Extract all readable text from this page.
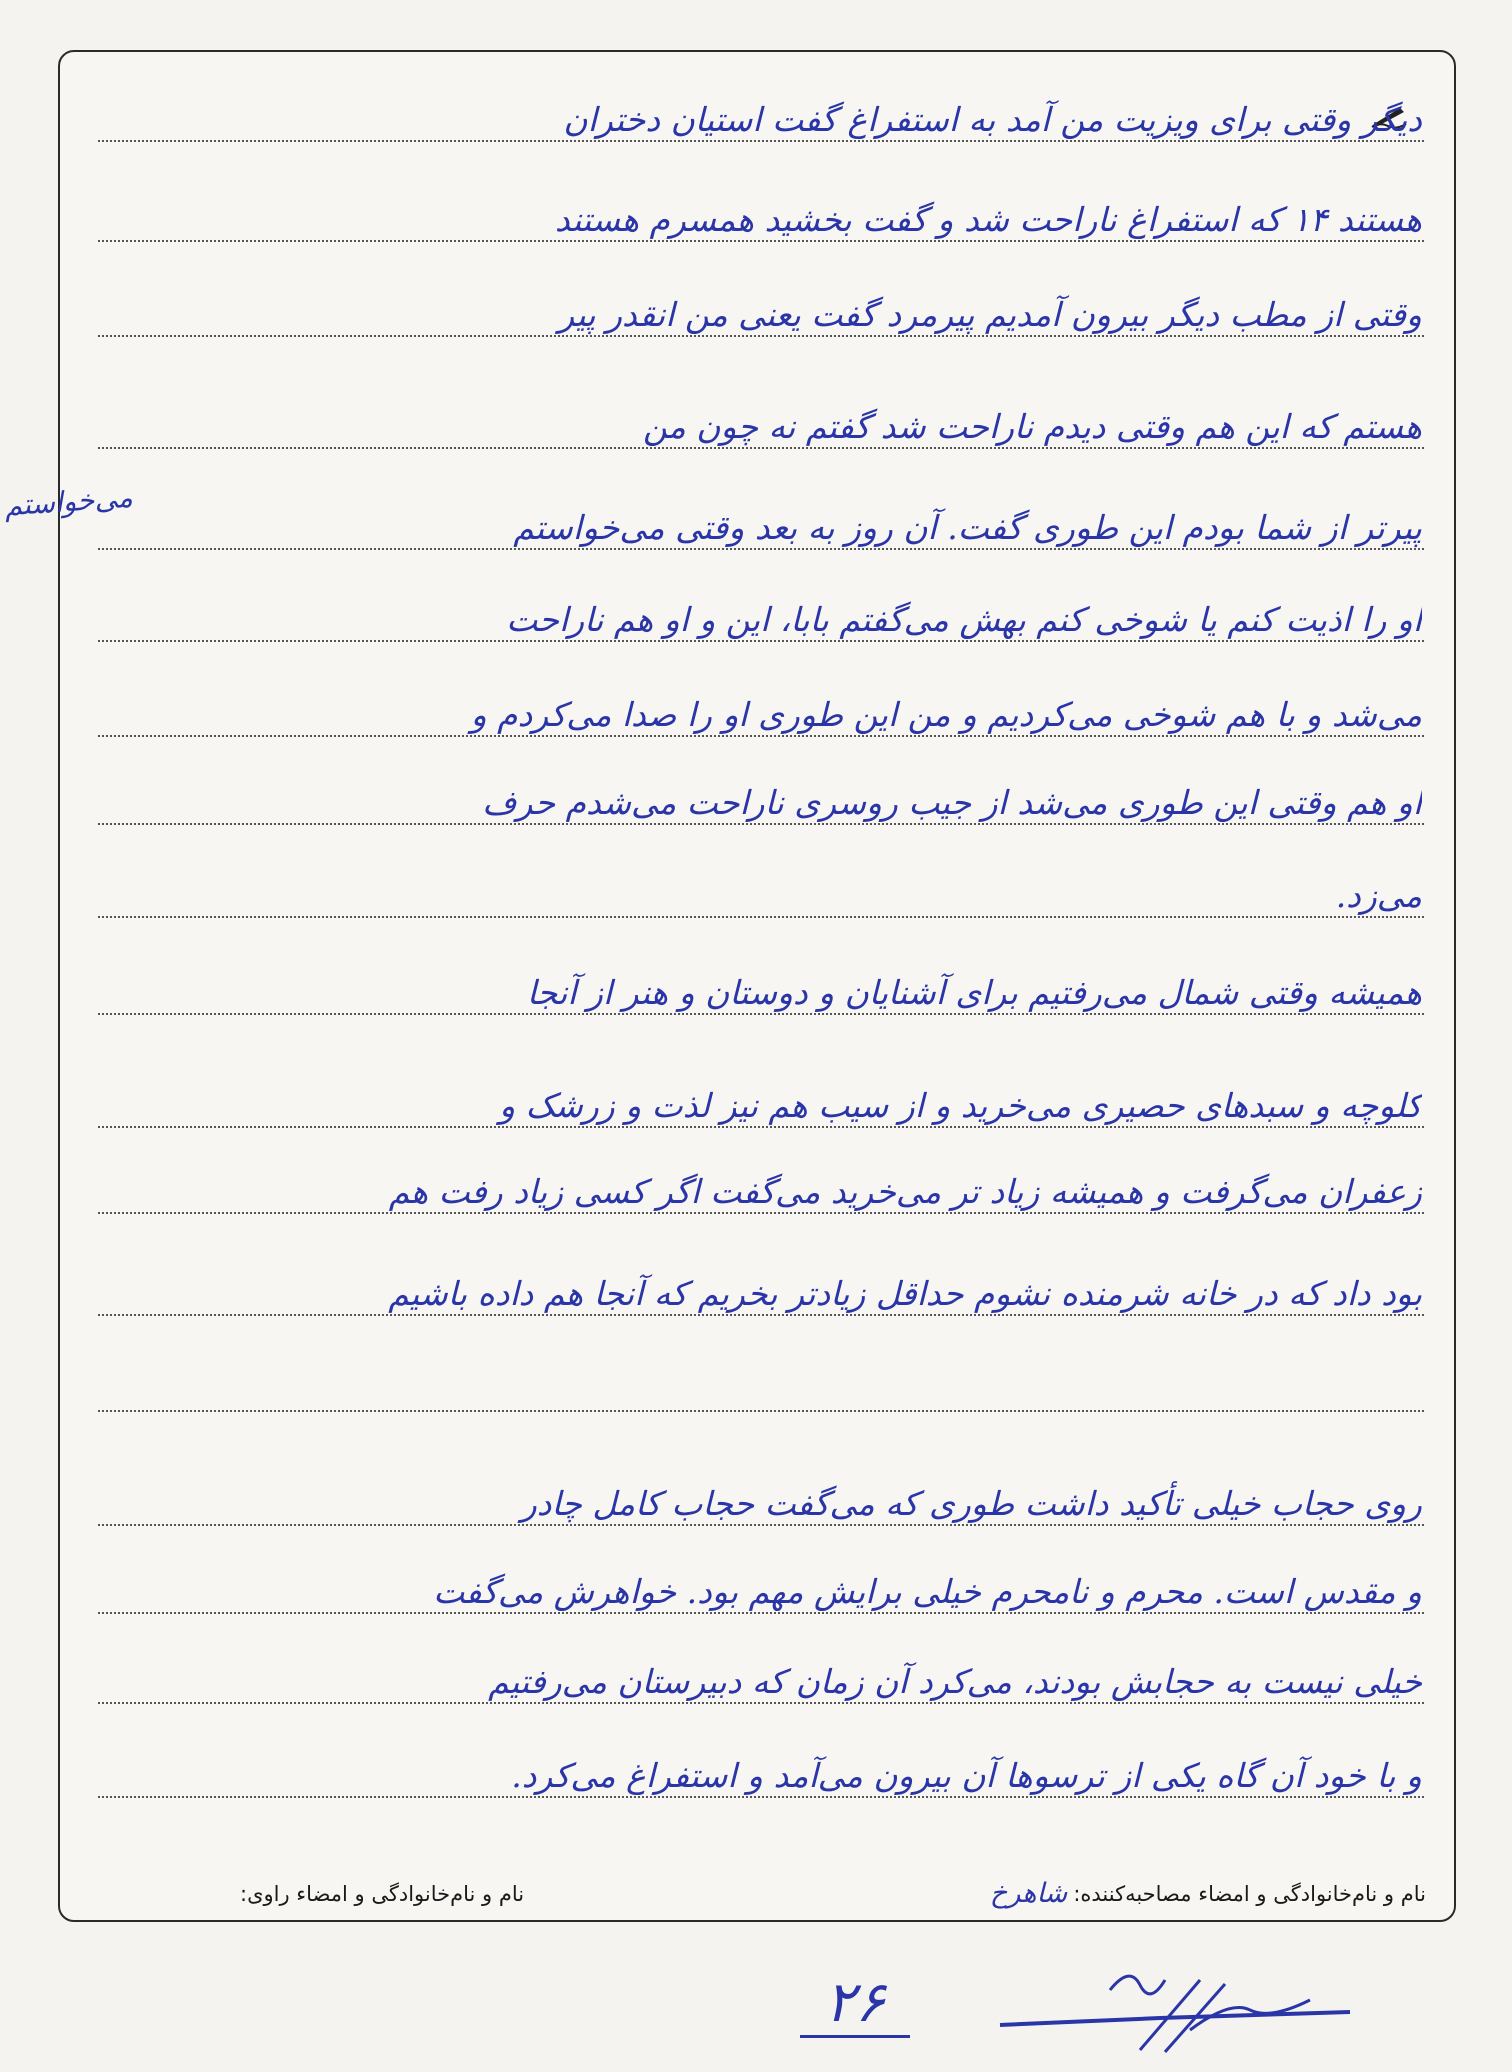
دیگر وقتی برای ویزیت من آمد به استفراغ گفت استیان دختران
هستند ۱۴ که استفراغ ناراحت شد و گفت بخشید همسرم هستند
وقتی از مطب دیگر بیرون آمدیم پیرمرد گفت یعنی من انقدر پیر
هستم که این هم وقتی دیدم ناراحت شد گفتم نه چون من
پیرتر از شما بودم این طوری گفت. آن روز به بعد وقتی می‌خواستم
او را اذیت کنم یا شوخی کنم بهش می‌گفتم بابا، این و او هم ناراحت
می‌شد و با هم شوخی می‌کردیم و من این طوری او را صدا می‌کردم و
او هم وقتی این طوری می‌شد از جیب روسری ناراحت می‌شدم حرف
می‌زد.
همیشه وقتی شمال می‌رفتیم برای آشنایان و دوستان و هنر از آنجا
کلوچه و سبدهای حصیری می‌خرید و از سیب هم نیز لذت و زرشک و
زعفران می‌گرفت و همیشه زیاد تر می‌خرید می‌گفت اگر کسی زیاد رفت هم
بود داد که در خانه شرمنده نشوم حداقل زیادتر بخریم که آنجا هم داده باشیم
روی حجاب خیلی تأکید داشت طوری که می‌گفت حجاب کامل چادر
و مقدس است. محرم و نامحرم خیلی برایش مهم بود. خواهرش می‌گفت
خیلی نیست به حجابش بودند، می‌کرد آن زمان که دبیرستان می‌رفتیم
و با خود آن گاه یکی از ترسوها آن بیرون می‌آمد و استفراغ می‌کرد.
می‌خواستم
نام و نام‌خانوادگی و امضاء مصاحبه‌کننده:
شاهرخ
نام و نام‌خانوادگی و امضاء راوی:
۲۶
